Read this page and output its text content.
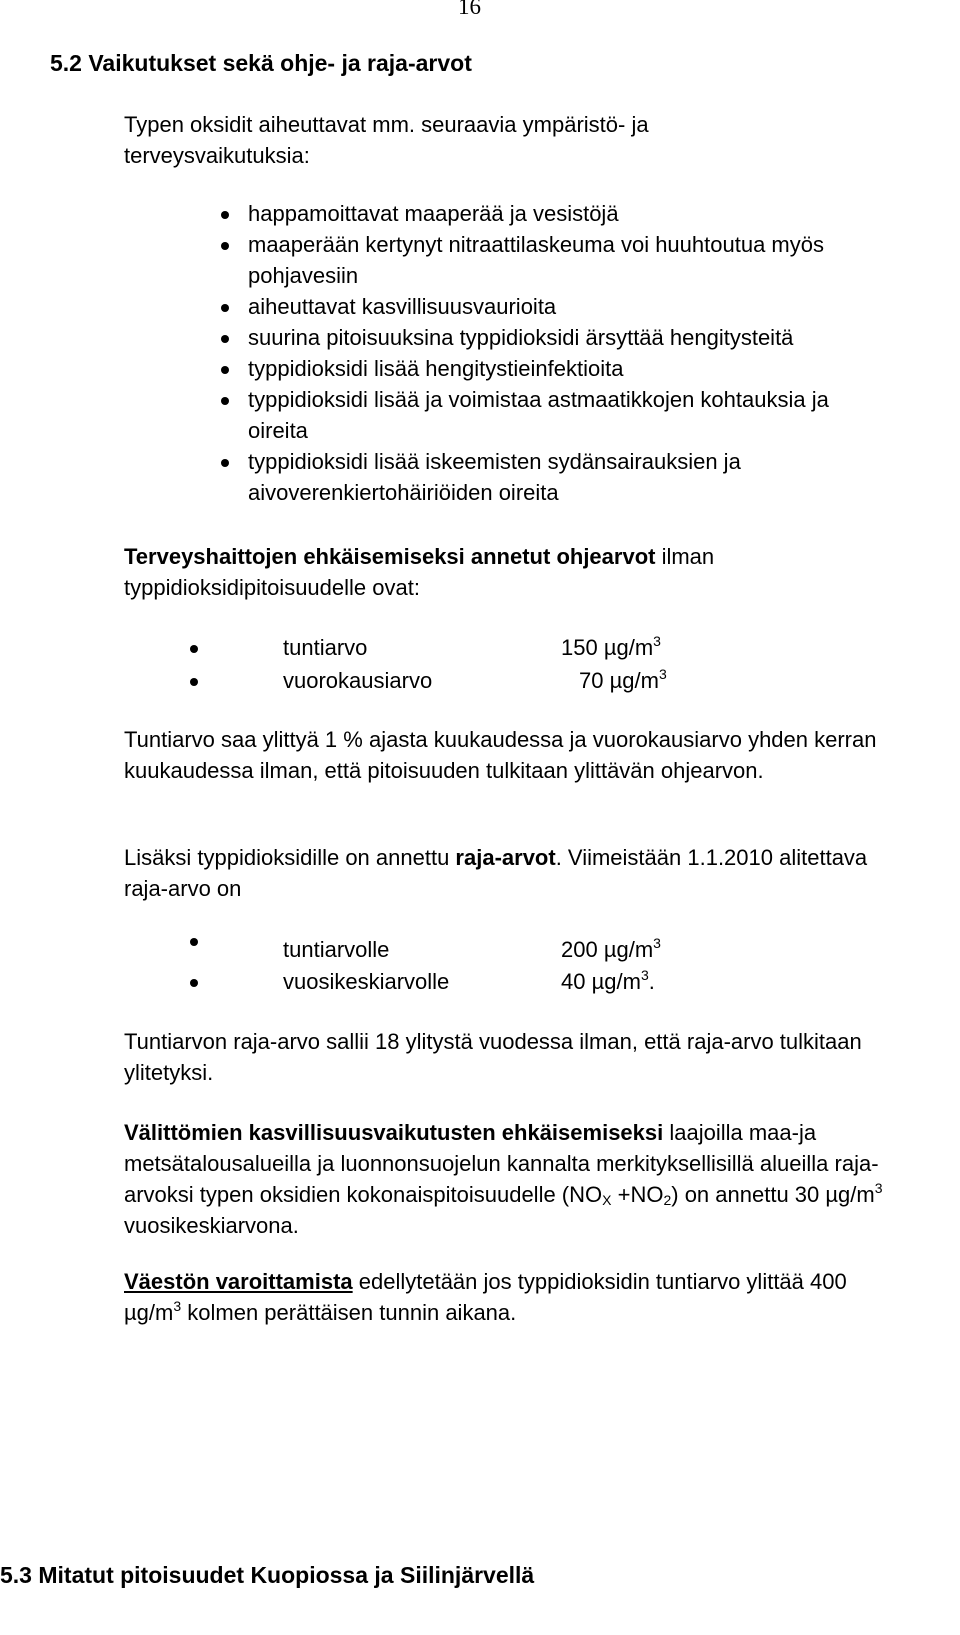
16
5.2 Vaikutukset sekä ohje- ja raja-arvot
Typen oksidit aiheuttavat mm. seuraavia ympäristö- ja terveysvaikutuksia:
happamoittavat maaperää ja vesistöjä
maaperään kertynyt nitraattilaskeuma voi huuhtoutua myös pohjavesiin
aiheuttavat kasvillisuusvaurioita
suurina pitoisuuksina typpidioksidi ärsyttää hengitysteitä
typpidioksidi lisää hengitystieinfektioita
typpidioksidi lisää ja voimistaa astmaatikkojen kohtauksia ja oireita
typpidioksidi lisää iskeemisten sydänsairauksien ja aivoverenkiertohäiriöiden oireita
Terveyshaittojen ehkäisemiseksi annetut ohjearvot ilman typpidioksidipitoisuudelle ovat:
tuntiarvo	150 $\mu g/m^3$
vuorokausiarvo	70 $\mu g/m^3$
Tuntiarvo saa ylittyä 1 % ajasta kuukaudessa ja vuorokausiarvo yhden kerran kuukaudessa ilman, että pitoisuuden tulkitaan ylittävän ohjearvon.
Lisäksi typpidioksidille on annettu raja-arvot. Viimeistään 1.1.2010 alitettava raja-arvo on
tuntiarvolle	200 $\mu g/m^3$
vuosikeskiarvolle	40 $\mu g/m^3$.
Tuntiarvon raja-arvo sallii 18 ylitystä vuodessa ilman, että raja-arvo tulkitaan ylitetyksi.
Välittömien kasvillisuusvaikutusten ehkäisemiseksi laajoilla maa-ja metsätalousalueilla ja luonnonsuojelun kannalta merkityksellisillä alueilla raja-arvoksi typen oksidien kokonaispitoisuudelle $(NO_X +NO_2)$ on annettu 30 $\mu g/m^3$ vuosikeskiarvona.
Väestön varoittamista edellytetään jos typpidioksidin tuntiarvo ylittää 400 $\mu g/m^3$ kolmen perättäisen tunnin aikana.
5.3 Mitatut pitoisuudet Kuopiossa ja Siilinjärvellä
